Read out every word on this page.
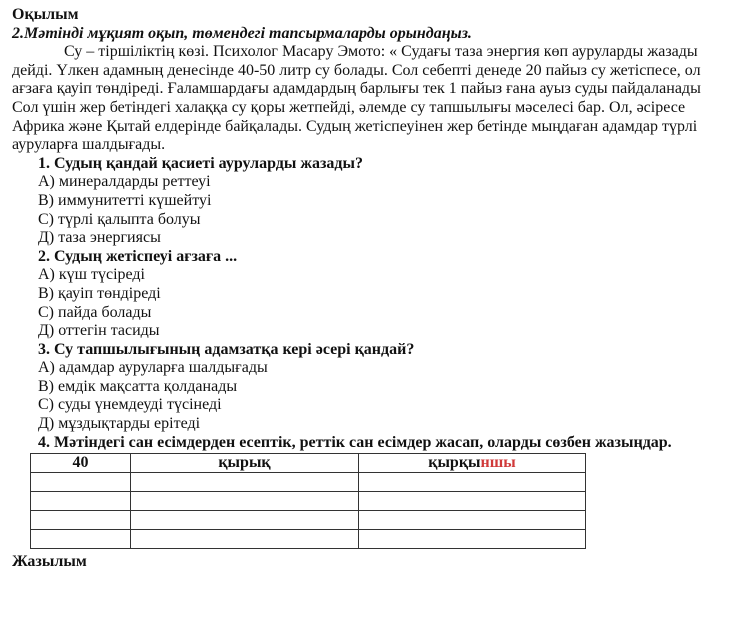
Оқылым
2.Мәтінді мұқият оқып, төмендегі тапсырмаларды орындаңыз.
Су – тіршіліктің көзі. Психолог Масару Эмото: « Судағы таза энергия көп ауруларды жазады
дейді. Үлкен адамның денесінде 40-50 литр су болады. Сол себепті денеде 20 пайыз су жетіспесе, ол
ағзаға қауіп төндіреді. Ғаламшардағы адамдардың барлығы тек 1 пайыз ғана ауыз суды пайдаланады
Сол үшін жер бетіндегі халаққа су қоры жетпейді, әлемде су тапшылығы мәселесі бар. Ол, әсіресе
Африка және Қытай елдерінде байқалады. Судың жетіспеуінен жер бетінде мыңдаған адамдар түрлі
ауруларға шалдығады.
1. Судың қандай қасиеті ауруларды жазады?
А) минералдарды реттеуі
В) иммунитетті күшейтуі
С) түрлі қалыпта болуы
Д) таза энергиясы
2. Судың жетіспеуі ағзаға ...
А) күш түсіреді
В) қауіп төндіреді
С) пайда болады
Д) оттегін тасиды
3. Су тапшылығының адамзатқа кері әсері қандай?
А) адамдар ауруларға шалдығады
В) емдік мақсатта қолданады
С) суды үнемдеуді түсінеді
Д) мұздықтарды ерітеді
4. Мәтіндегі сан есімдерден есептік, реттік сан есімдер жасап, оларды сөзбен жазыңдар.
40	қырық	қырқыншы

Жазылым
